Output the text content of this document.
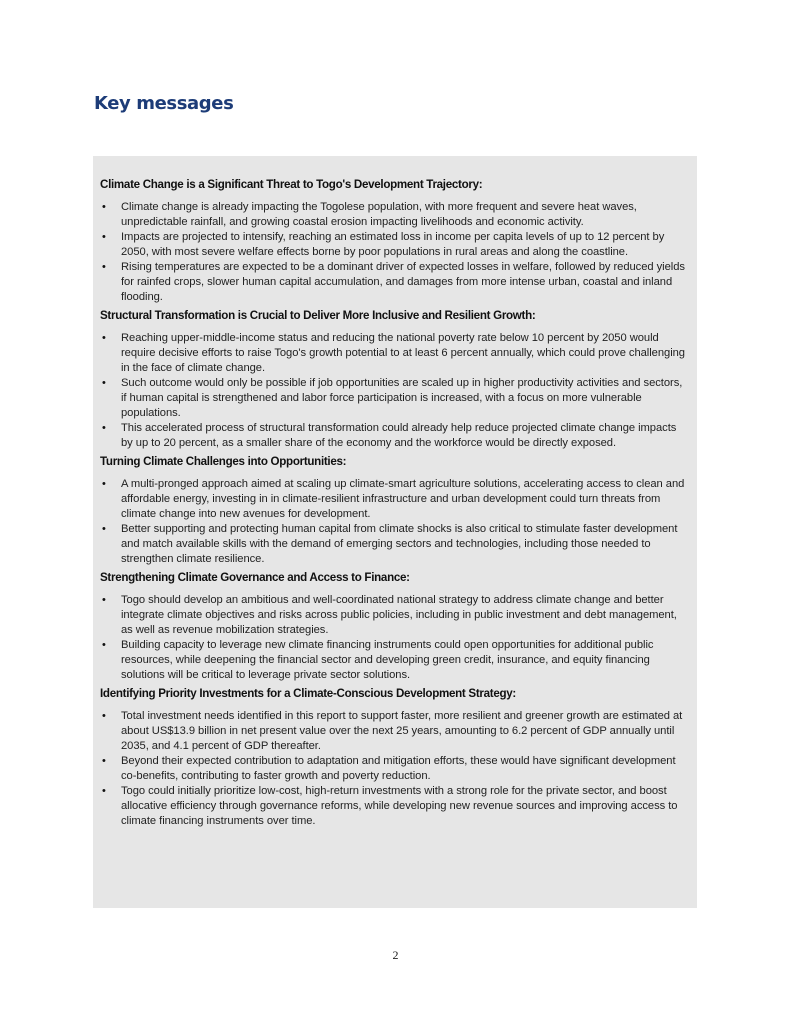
Key messages

Climate Change is a Significant Threat to Togo's Development Trajectory:

• Climate change is already impacting the Togolese population, with more frequent and severe heat waves, unpredictable rainfall, and growing coastal erosion impacting livelihoods and economic activity.
• Impacts are projected to intensify, reaching an estimated loss in income per capita levels of up to 12 percent by 2050, with most severe welfare effects borne by poor populations in rural areas and along the coastline.
• Rising temperatures are expected to be a dominant driver of expected losses in welfare, followed by reduced yields for rainfed crops, slower human capital accumulation, and damages from more intense urban, coastal and inland flooding.

Structural Transformation is Crucial to Deliver More Inclusive and Resilient Growth:

• Reaching upper-middle-income status and reducing the national poverty rate below 10 percent by 2050 would require decisive efforts to raise Togo's growth potential to at least 6 percent annually, which could prove challenging in the face of climate change.
• Such outcome would only be possible if job opportunities are scaled up in higher productivity activities and sectors, if human capital is strengthened and labor force participation is increased, with a focus on more vulnerable populations.
• This accelerated process of structural transformation could already help reduce projected climate change impacts by up to 20 percent, as a smaller share of the economy and the workforce would be directly exposed.

Turning Climate Challenges into Opportunities:

• A multi-pronged approach aimed at scaling up climate-smart agriculture solutions, accelerating access to clean and affordable energy, investing in in climate-resilient infrastructure and urban development could turn threats from climate change into new avenues for development.
• Better supporting and protecting human capital from climate shocks is also critical to stimulate faster development and match available skills with the demand of emerging sectors and technologies, including those needed to strengthen climate resilience.

Strengthening Climate Governance and Access to Finance:

• Togo should develop an ambitious and well-coordinated national strategy to address climate change and better integrate climate objectives and risks across public policies, including in public investment and debt management, as well as revenue mobilization strategies.
• Building capacity to leverage new climate financing instruments could open opportunities for additional public resources, while deepening the financial sector and developing green credit, insurance, and equity financing solutions will be critical to leverage private sector solutions.

Identifying Priority Investments for a Climate-Conscious Development Strategy:

• Total investment needs identified in this report to support faster, more resilient and greener growth are estimated at about US$13.9 billion in net present value over the next 25 years, amounting to 6.2 percent of GDP annually until 2035, and 4.1 percent of GDP thereafter.
• Beyond their expected contribution to adaptation and mitigation efforts, these would have significant development co-benefits, contributing to faster growth and poverty reduction.
• Togo could initially prioritize low-cost, high-return investments with a strong role for the private sector, and boost allocative efficiency through governance reforms, while developing new revenue sources and improving access to climate financing instruments over time.
2
